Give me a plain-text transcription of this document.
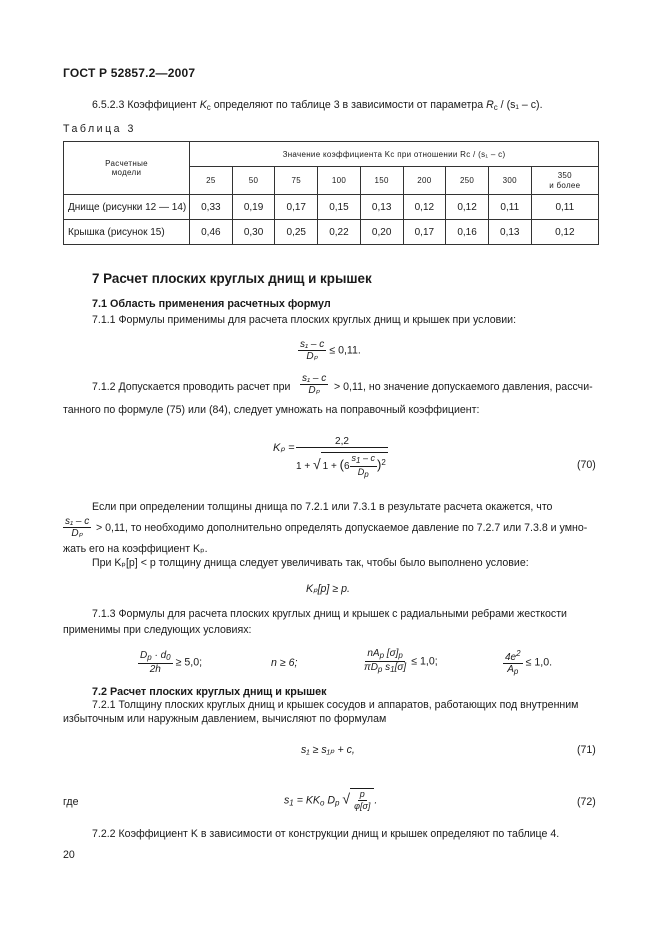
ГОСТ Р 52857.2—2007
6.5.2.3 Коэффициент $K_c$ определяют по таблице 3 в зависимости от параметра $R_c / (s_1 - c)$.
Таблица 3
Расчетные
модели	Значение коэффициента Kc при отношении Rc / (s₁ – c)								
	25	50	75	100	150	200	250	300	350
и более
Днище (рисунки 12 — 14)	0,33	0,19	0,17	0,15	0,13	0,12	0,12	0,11	0,11
Крышка (рисунок 15)	0,46	0,30	0,25	0,22	0,20	0,17	0,16	0,13	0,12
7 Расчет плоских круглых днищ и крышек
7.1 Область применения расчетных формул
7.1.1 Формулы применимы для расчета плоских круглых днищ и крышек при условии:
$\frac{\text{s₁ – c}}{\text{Dₚ}} \le 0,11$.
7.1.2 Допускается проводить расчет при $\frac{\text{s₁ – c}}{\text{Dₚ}} > 0,11$, но значение допускаемого давления, рассчи-
танного по формуле (75) или (84), следует умножать на поправочный коэффициент:
Kₚ =
2,2
1 + √ $1 + (6 \frac{s_1 - c}{D_p} )^2$	(70)
Если при определении толщины днища по 7.2.1 или 7.3.1 в результате расчета окажется, что
$\frac{\text{s₁ – c}}{\text{Dₚ}} > 0,11$, то необходимо дополнительно определять допускаемое давление по 7.2.7 или 7.3.8 и умно-
жать его на коэффициент Kₚ.
При Kₚ[p] < p толщину днища следует увеличивать так, чтобы было выполнено условие:
Kₚ[p] ≥ p.
7.1.3 Формулы для расчета плоских круглых днищ и крышек с радиальными ребрами жесткости
применимы при следующих условиях:
$\frac{D_p \cdot d_0}{2h} \ge 5,0$;	n ≥ 6;	$\frac{nA_p [\sigma]_p}{\pi D_p s_1[\sigma]} \le 1,0$;	$\frac{4e^2}{A_p} \le 1,0$.
7.2 Расчет плоских круглых днищ и крышек
7.2.1 Толщину плоских круглых днищ и крышек сосудов и аппаратов, работающих под внутренним
избыточным или наружным давлением, вычисляют по формулам
s₁ ≥ s₁ₚ + c,	(71)
где	$s_1 = KK_o$ $D_p$ √ $\frac{p}{\varphi[\sigma]}$ .	(72)
7.2.2 Коэффициент K в зависимости от конструкции днищ и крышек определяют по таблице 4.
20
